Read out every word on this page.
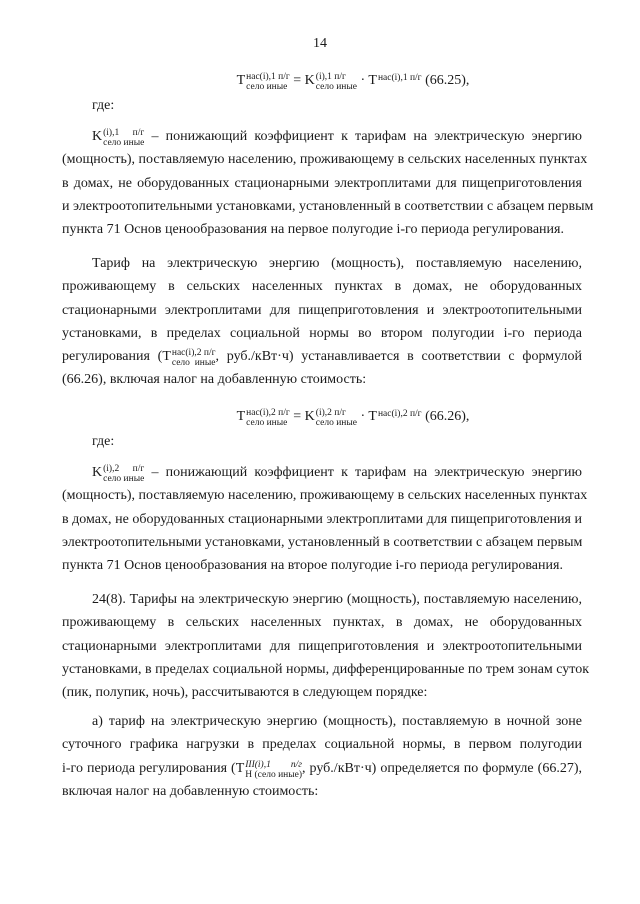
14
T нас(i),1 п/г
село иные = K (i),1 п/г
село иные · T нас(i),1 п/г (66.25),
где:
K (i),1 п/г
село иные – понижающий коэффициент к тарифам на электрическую энергию
(мощность), поставляемую населению, проживающему в сельских населенных пунктах
в домах, не оборудованных стационарными электроплитами для пищеприготовления
и электроотопительными установками, установленный в соответствии с абзацем первым
пункта 71 Основ ценообразования на первое полугодие i-го периода регулирования.
Тариф на электрическую энергию (мощность), поставляемую населению,
проживающему в сельских населенных пунктах в домах, не оборудованных
стационарными электроплитами для пищеприготовления и электроотопительными
установками, в пределах социальной нормы во втором полугодии i-го периода
регулирования (T нас(i),2 п/г
село иные , руб./кВт·ч) устанавливается в соответствии с формулой
(66.26), включая налог на добавленную стоимость:
T нас(i),2 п/г
село иные = K (i),2 п/г
село иные · T нас(i),2 п/г (66.26),
где:
K (i),2 п/г
село иные – понижающий коэффициент к тарифам на электрическую энергию
(мощность), поставляемую населению, проживающему в сельских населенных пунктах
в домах, не оборудованных стационарными электроплитами для пищеприготовления и
электроотопительными установками, установленный в соответствии с абзацем первым
пункта 71 Основ ценообразования на второе полугодие i-го периода регулирования.
24(8). Тарифы на электрическую энергию (мощность), поставляемую населению,
проживающему в сельских населенных пунктах, в домах, не оборудованных
стационарными электроплитами для пищеприготовления и электроотопительными
установками, в пределах социальной нормы, дифференцированные по трем зонам суток
(пик, полупик, ночь), рассчитываются в следующем порядке:
а) тариф на электрическую энергию (мощность), поставляемую в ночной зоне
суточного графика нагрузки в пределах социальной нормы, в первом полугодии
i-го периода регулирования (T III(i),1 п/г
Н (село иные) , руб./кВт·ч) определяется по формуле (66.27),
включая налог на добавленную стоимость:
